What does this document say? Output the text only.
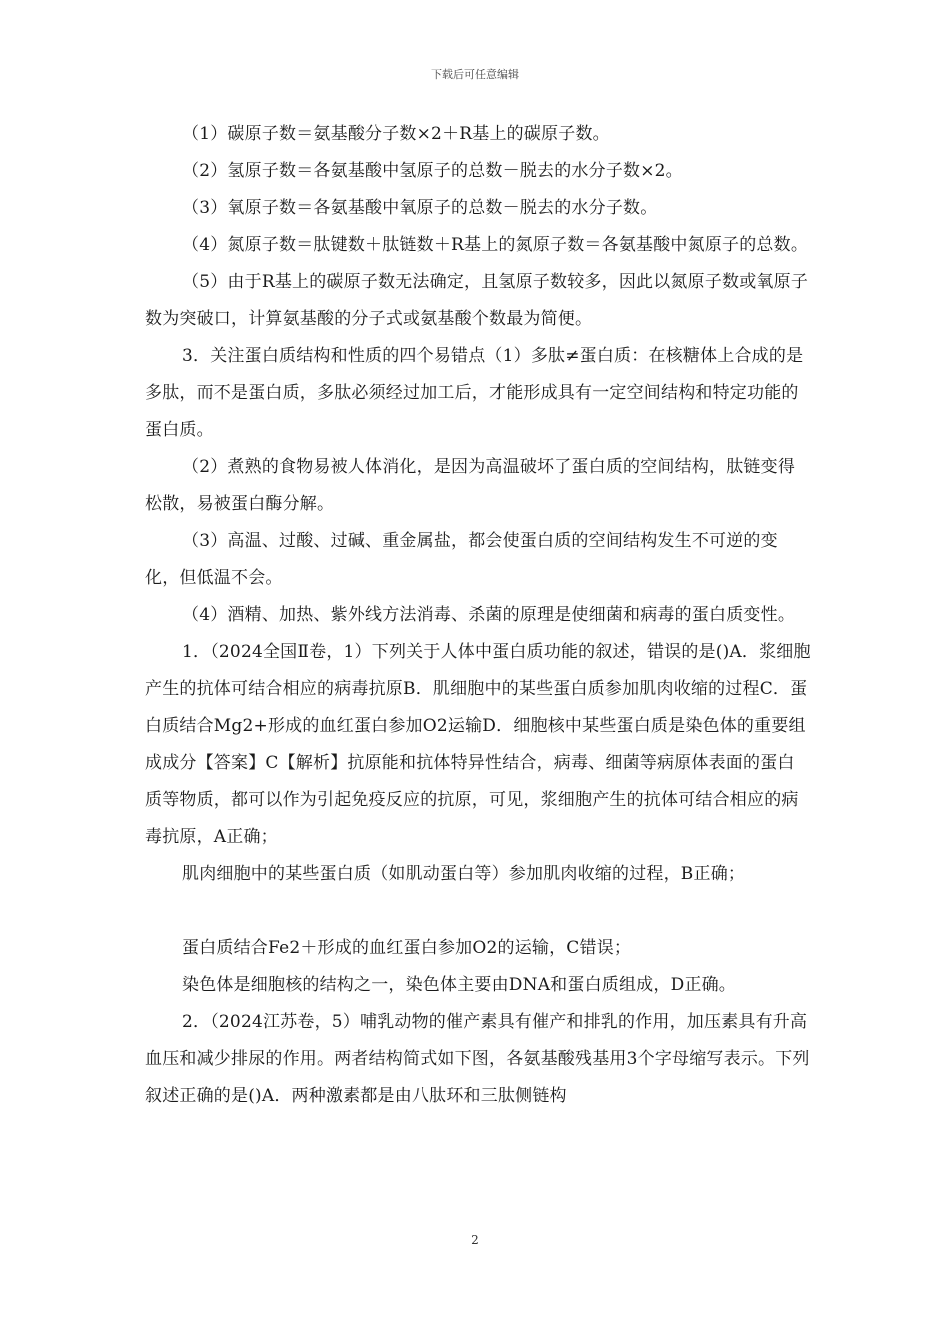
下载后可任意编辑

（1）碳原子数＝氨基酸分子数×2＋R基上的碳原子数。

（2）氢原子数＝各氨基酸中氢原子的总数－脱去的水分子数×2。

（3）氧原子数＝各氨基酸中氧原子的总数－脱去的水分子数。

（4）氮原子数＝肽键数＋肽链数＋R基上的氮原子数＝各氨基酸中氮原子的总数。

（5）由于R基上的碳原子数无法确定，且氢原子数较多，因此以氮原子数或氧原子数为突破口，计算氨基酸的分子式或氨基酸个数最为简便。

3．关注蛋白质结构和性质的四个易错点（1）多肽≠蛋白质：在核糖体上合成的是多肽，而不是蛋白质，多肽必须经过加工后，才能形成具有一定空间结构和特定功能的蛋白质。

（2）煮熟的食物易被人体消化，是因为高温破坏了蛋白质的空间结构，肽链变得松散，易被蛋白酶分解。

（3）高温、过酸、过碱、重金属盐，都会使蛋白质的空间结构发生不可逆的变化，但低温不会。

（4）酒精、加热、紫外线方法消毒、杀菌的原理是使细菌和病毒的蛋白质变性。

1．（2024全国Ⅱ卷，1）下列关于人体中蛋白质功能的叙述，错误的是()A．浆细胞产生的抗体可结合相应的病毒抗原B．肌细胞中的某些蛋白质参加肌肉收缩的过程C．蛋白质结合Mg2+形成的血红蛋白参加O2运输D．细胞核中某些蛋白质是染色体的重要组成成分【答案】C【解析】抗原能和抗体特异性结合，病毒、细菌等病原体表面的蛋白质等物质，都可以作为引起免疫反应的抗原，可见，浆细胞产生的抗体可结合相应的病毒抗原，A正确；

肌肉细胞中的某些蛋白质（如肌动蛋白等）参加肌肉收缩的过程，B正确；

蛋白质结合Fe2＋形成的血红蛋白参加O2的运输，C错误；

染色体是细胞核的结构之一，染色体主要由DNA和蛋白质组成，D正确。

2．（2024江苏卷，5）哺乳动物的催产素具有催产和排乳的作用，加压素具有升高血压和减少排尿的作用。两者结构简式如下图，各氨基酸残基用3个字母缩写表示。下列叙述正确的是()A．两种激素都是由八肽环和三肽侧链构

2
